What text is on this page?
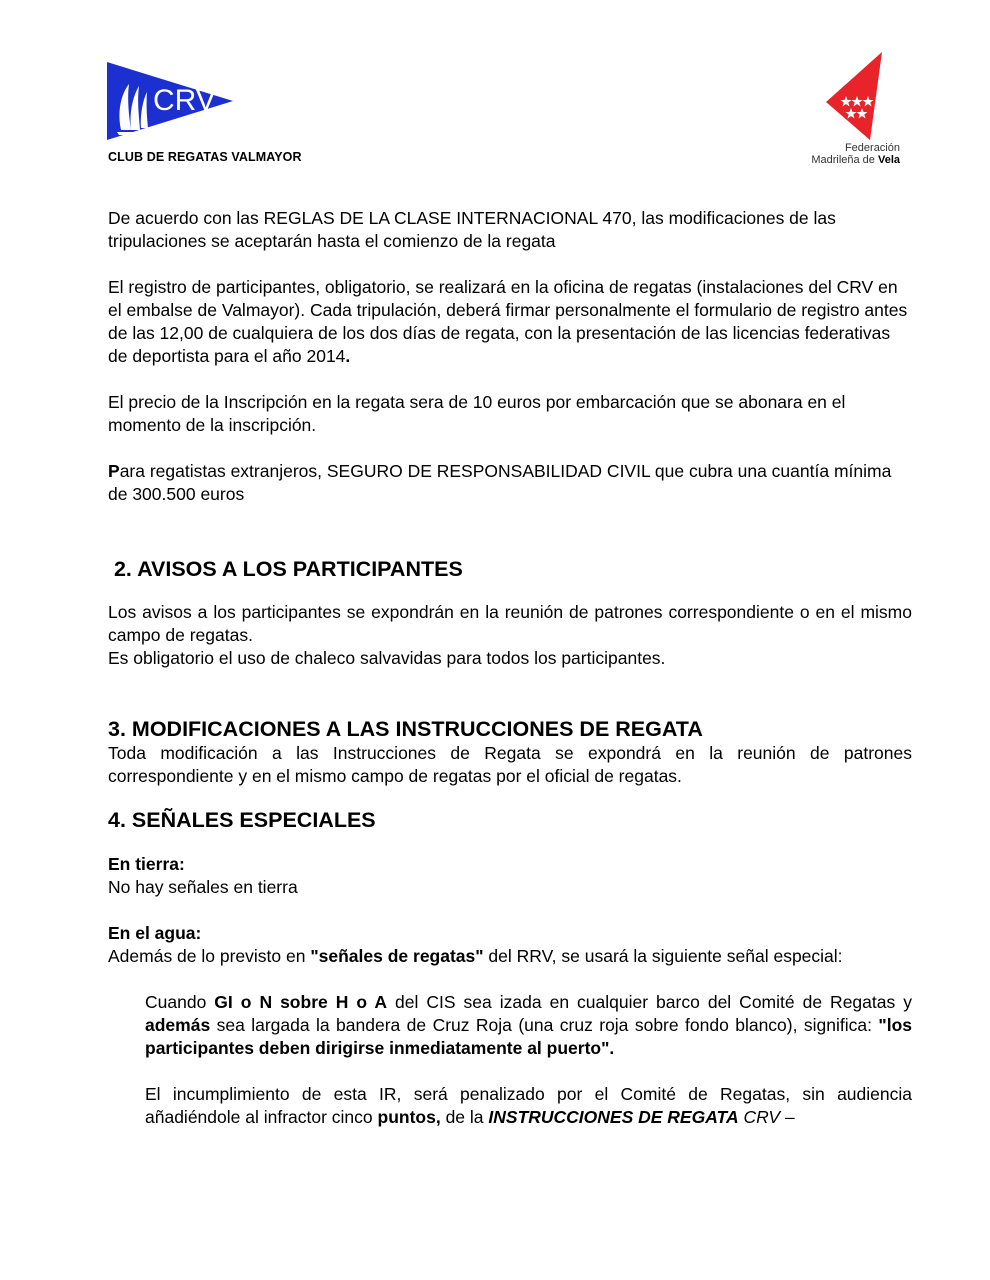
CRV
CLUB DE REGATAS VALMAYOR
Federación
Madrileña de Vela

De acuerdo con las REGLAS DE LA CLASE INTERNACIONAL 470, las modificaciones de las tripulaciones se aceptarán hasta el comienzo de la regata

El registro de participantes, obligatorio, se realizará en la oficina de regatas (instalaciones del CRV en el embalse de Valmayor). Cada tripulación, deberá firmar personalmente el formulario de registro antes de las 12,00 de cualquiera de los dos días de regata, con la presentación de las licencias federativas de deportista para el año 2014.

El precio de la Inscripción en la regata sera de 10 euros por embarcación que se abonara en el momento de la inscripción.

Para regatistas extranjeros, SEGURO DE RESPONSABILIDAD CIVIL que cubra una cuantía mínima de 300.500 euros

2. AVISOS A LOS PARTICIPANTES

Los avisos a los participantes se expondrán en la reunión de patrones correspondiente o en el mismo campo de regatas.

Es obligatorio el uso de chaleco salvavidas para todos los participantes.

3. MODIFICACIONES A LAS INSTRUCCIONES DE REGATA

Toda modificación a las Instrucciones de Regata se expondrá en la reunión de patrones correspondiente y en el mismo campo de regatas por el oficial de regatas.

4. SEÑALES ESPECIALES

En tierra:

No hay señales en tierra

En el agua:

Además de lo previsto en "señales de regatas" del RRV, se usará la siguiente señal especial:

Cuando GI o N sobre H o A del CIS sea izada en cualquier barco del Comité de Regatas y además sea largada la bandera de Cruz Roja (una cruz roja sobre fondo blanco), significa: "los participantes deben dirigirse inmediatamente al puerto".

El incumplimiento de esta IR, será penalizado por el Comité de Regatas, sin audiencia añadiéndole al infractor cinco puntos, de la INSTRUCCIONES DE REGATA CRV –
